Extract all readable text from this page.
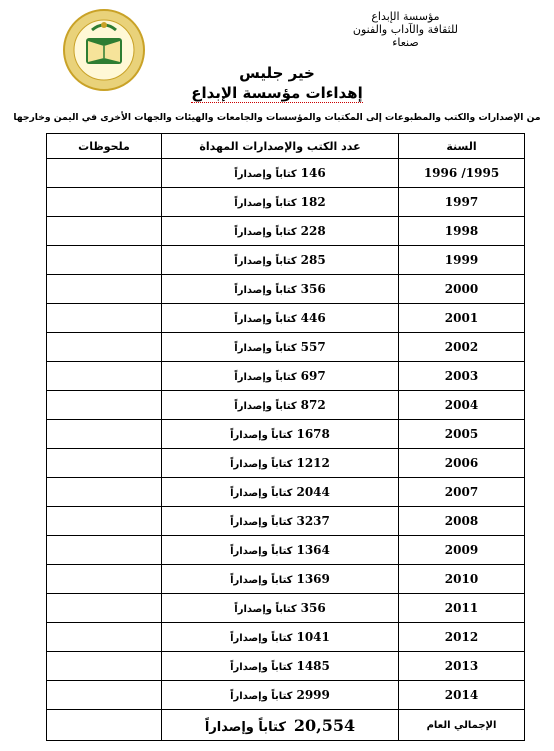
مؤسسة الإبداع
للثقافة والآداب والفنون
صنعاء
خير جليس
إهداءات مؤسسة الإبداع
من الإصدارات والكتب والمطبوعات إلى المكتبات والمؤسسات والجامعات والهيئات والجهات الأخرى في اليمن وخارجها
السنة	عدد الكتب والإصدارات المهداة	ملحوظات
1995/ 1996	146كتاباً وإصداراً	
1997	182كتاباً وإصداراً	
1998	228كتاباً وإصداراً	
1999	285كتاباً وإصداراً	
2000	356كتاباً وإصداراً	
2001	446كتاباً وإصداراً	
2002	557كتاباً وإصداراً	
2003	697كتاباً وإصداراً	
2004	872كتاباً وإصداراً	
2005	1678كتاباً وإصداراً	
2006	1212كتاباً وإصداراً	
2007	2044كتاباً وإصداراً	
2008	3237كتاباً وإصداراً	
2009	1364كتاباً وإصداراً	
2010	1369كتاباً وإصداراً	
2011	356كتاباً وإصداراً	
2012	1041كتاباً وإصداراً	
2013	1485كتاباً وإصداراً	
2014	2999كتاباً وإصداراً	
الإجمالي العام	20,554كتاباً وإصداراً	
